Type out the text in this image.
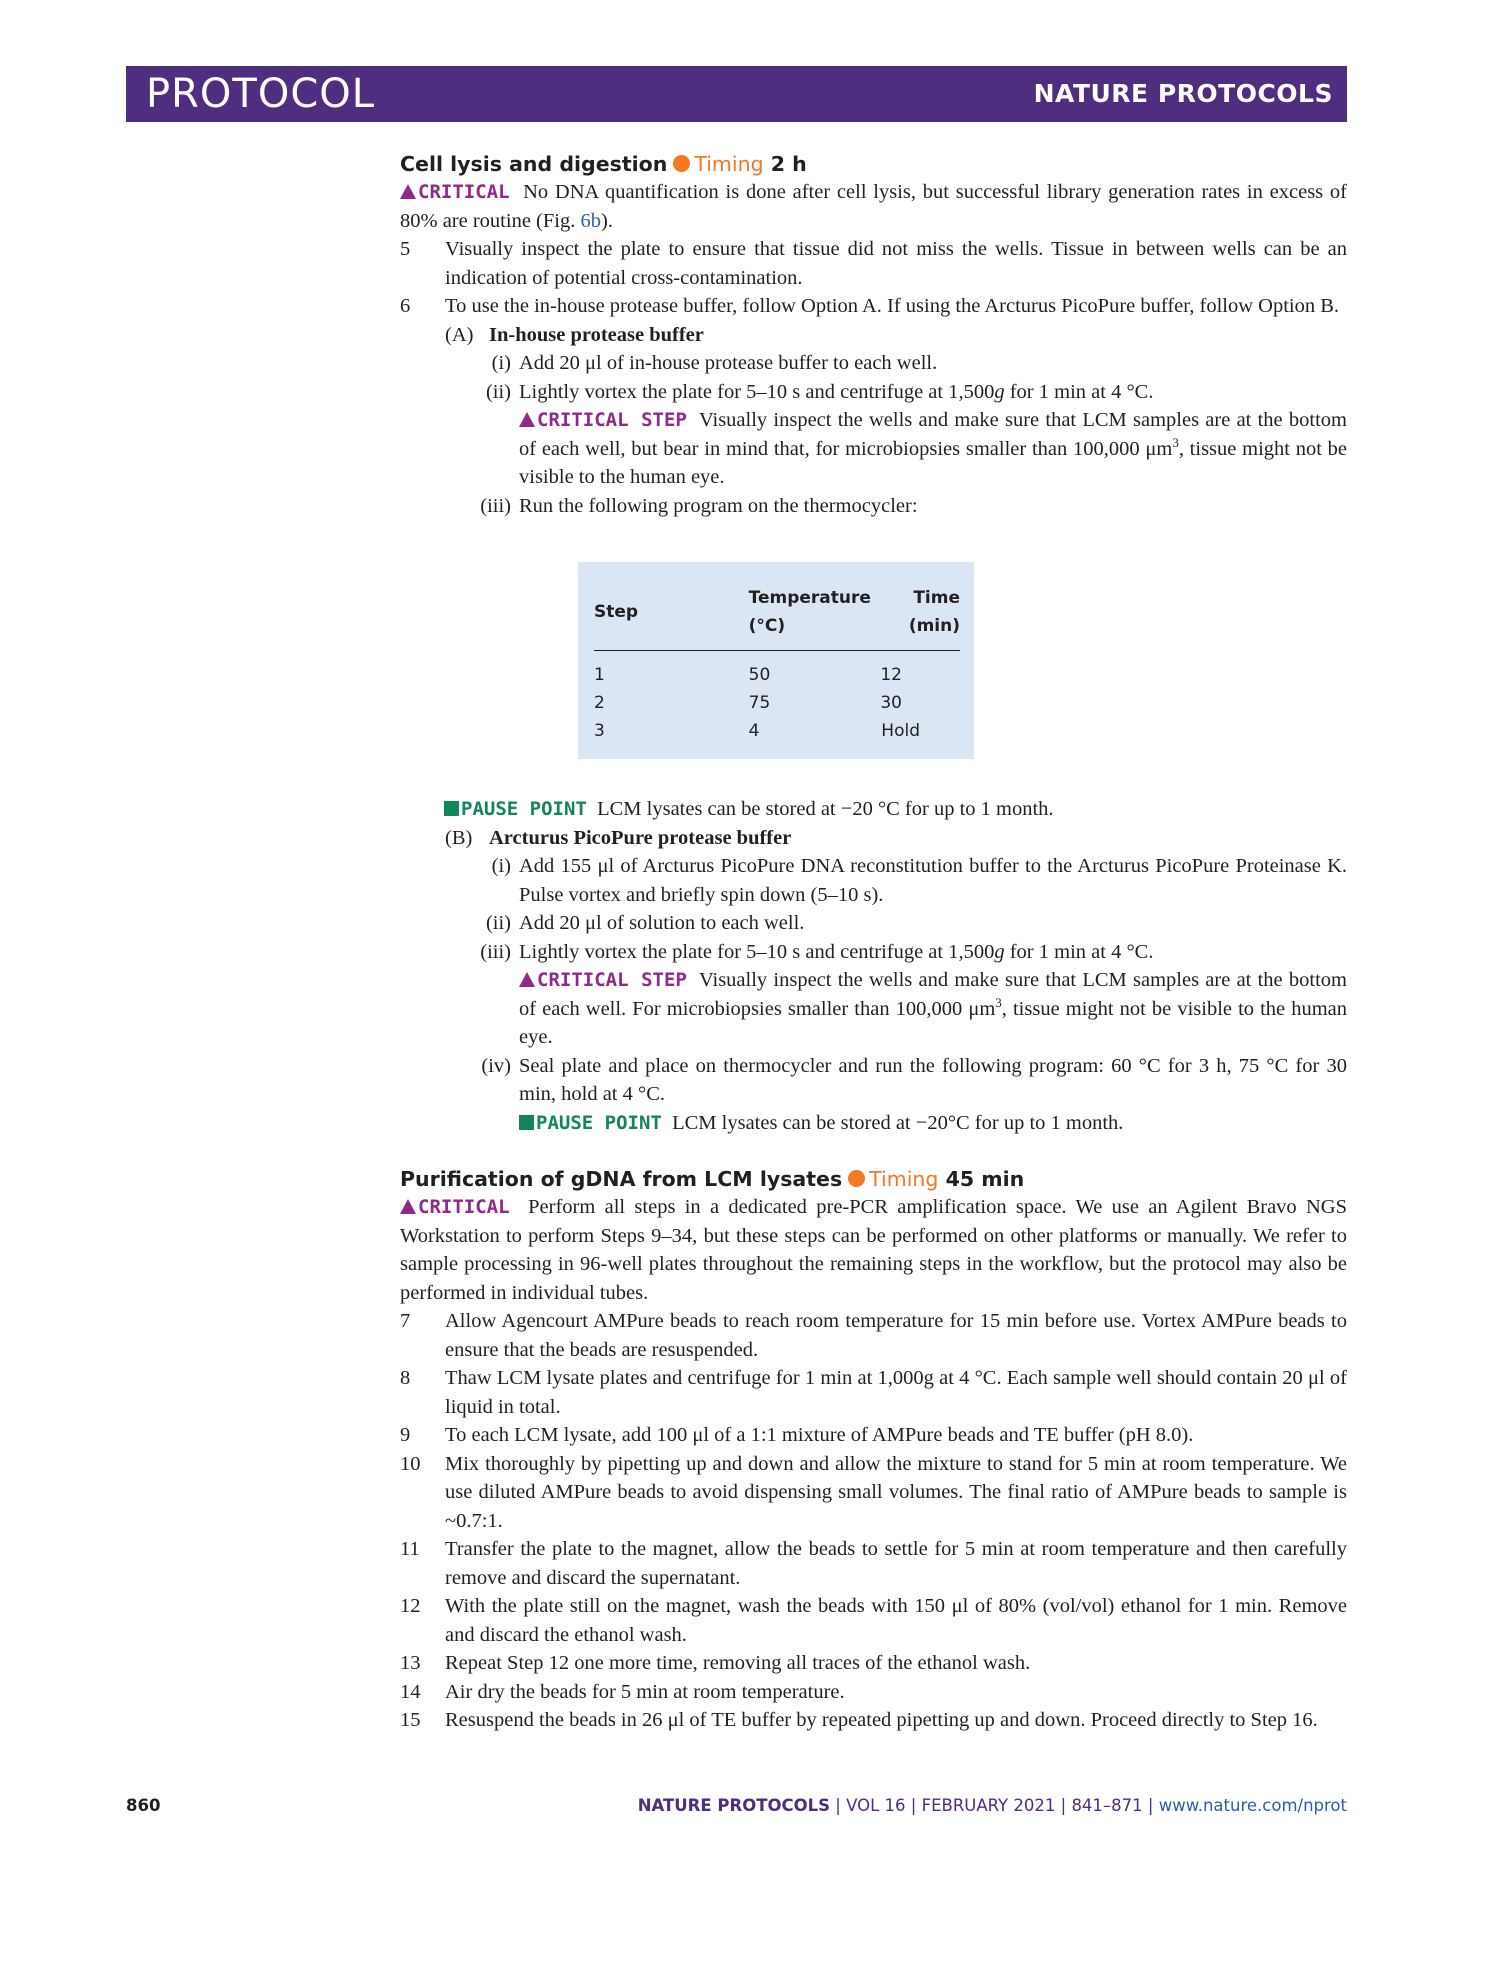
PROTOCOL	NATURE PROTOCOLS

Cell lysis and digestion Timing 2 h

CRITICAL No DNA quantification is done after cell lysis, but successful library generation rates in excess of 80% are routine (Fig. 6b).

5 Visually inspect the plate to ensure that tissue did not miss the wells. Tissue in between wells can be an indication of potential cross-contamination.

6 To use the in-house protease buffer, follow Option A. If using the Arcturus PicoPure buffer, follow Option B.

(A) In-house protease buffer

(i) Add 20 μl of in-house protease buffer to each well.

(ii) Lightly vortex the plate for 5–10 s and centrifuge at 1,500g for 1 min at 4 °C.

CRITICAL STEP Visually inspect the wells and make sure that LCM samples are at the bottom of each well, but bear in mind that, for microbiopsies smaller than 100,000 $\mu m^3$, tissue might not be visible to the human eye.

(iii) Run the following program on the thermocycler:

Step	Temperature (°C)	Time (min)
1	50	12
2	75	30
3	4	Hold

PAUSE POINT LCM lysates can be stored at −20 °C for up to 1 month.

(B) Arcturus PicoPure protease buffer

(i) Add 155 μl of Arcturus PicoPure DNA reconstitution buffer to the Arcturus PicoPure Proteinase K. Pulse vortex and briefly spin down (5–10 s).

(ii) Add 20 μl of solution to each well.

(iii) Lightly vortex the plate for 5–10 s and centrifuge at 1,500g for 1 min at 4 °C.

CRITICAL STEP Visually inspect the wells and make sure that LCM samples are at the bottom of each well. For microbiopsies smaller than 100,000 $\mu m^3$, tissue might not be visible to the human eye.

(iv) Seal plate and place on thermocycler and run the following program: 60 °C for 3 h, 75 °C for 30 min, hold at 4 °C.

PAUSE POINT LCM lysates can be stored at −20°C for up to 1 month.

Purification of gDNA from LCM lysates Timing 45 min

CRITICAL Perform all steps in a dedicated pre-PCR amplification space. We use an Agilent Bravo NGS Workstation to perform Steps 9–34, but these steps can be performed on other platforms or manually. We refer to sample processing in 96-well plates throughout the remaining steps in the workflow, but the protocol may also be performed in individual tubes.

7 Allow Agencourt AMPure beads to reach room temperature for 15 min before use. Vortex AMPure beads to ensure that the beads are resuspended.

8 Thaw LCM lysate plates and centrifuge for 1 min at 1,000g at 4 °C. Each sample well should contain 20 μl of liquid in total.

9 To each LCM lysate, add 100 μl of a 1:1 mixture of AMPure beads and TE buffer (pH 8.0).

10 Mix thoroughly by pipetting up and down and allow the mixture to stand for 5 min at room temperature. We use diluted AMPure beads to avoid dispensing small volumes. The final ratio of AMPure beads to sample is ~0.7:1.

11 Transfer the plate to the magnet, allow the beads to settle for 5 min at room temperature and then carefully remove and discard the supernatant.

12 With the plate still on the magnet, wash the beads with 150 μl of 80% (vol/vol) ethanol for 1 min. Remove and discard the ethanol wash.

13 Repeat Step 12 one more time, removing all traces of the ethanol wash.

14 Air dry the beads for 5 min at room temperature.

15 Resuspend the beads in 26 μl of TE buffer by repeated pipetting up and down. Proceed directly to Step 16.

860	NATURE PROTOCOLS | VOL 16 | FEBRUARY 2021 | 841–871 | www.nature.com/nprot
